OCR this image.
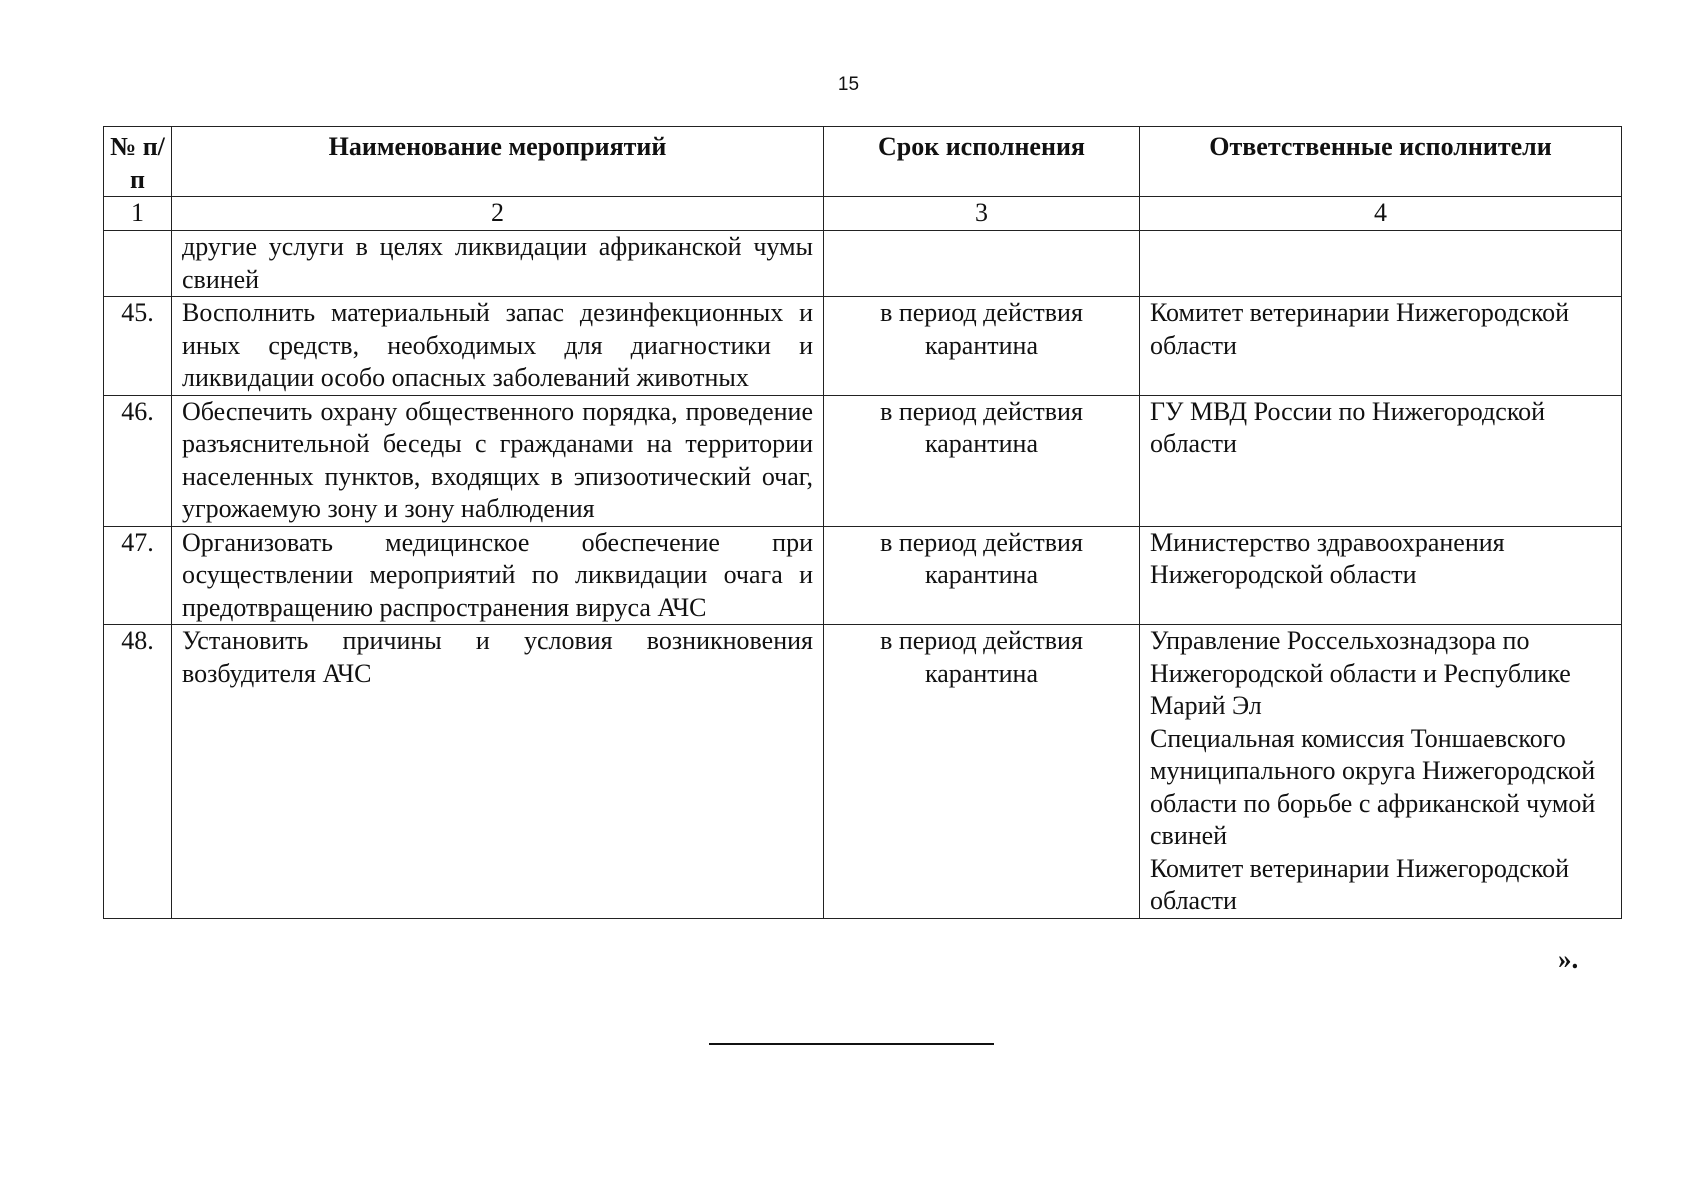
15
№ п/п	Наименование мероприятий	Срок исполнения	Ответственные исполнители
1	2	3	4
	другие услуги в целях ликвидации африканской чумы свиней		
45.	Восполнить материальный запас дезинфекционных и иных средств, необходимых для диагностики и ликвидации особо опасных заболеваний животных	в период действия карантина	Комитет ветеринарии Нижегородской области

46.	Обеспечить охрану общественного порядка, проведение разъяснительной беседы с гражданами на территории населенных пунктов, входящих в эпизоотический очаг, угрожаемую зону и зону наблюдения	в период действия карантина	ГУ МВД России по Нижегородской области

47.	Организовать медицинское обеспечение при осуществлении мероприятий по ликвидации очага и предотвращению распространения вируса АЧС	в период действия карантина	Министерство здравоохранения Нижегородской области

48.	Установить причины и условия возникновения возбудителя АЧС	в период действия карантина	Управление Россельхознадзора по Нижегородской области и Республике Марий Эл
Специальная комиссия Тоншаевского муниципального округа Нижегородской области по борьбе с африканской чумой свиней
Комитет ветеринарии Нижегородской области
».
